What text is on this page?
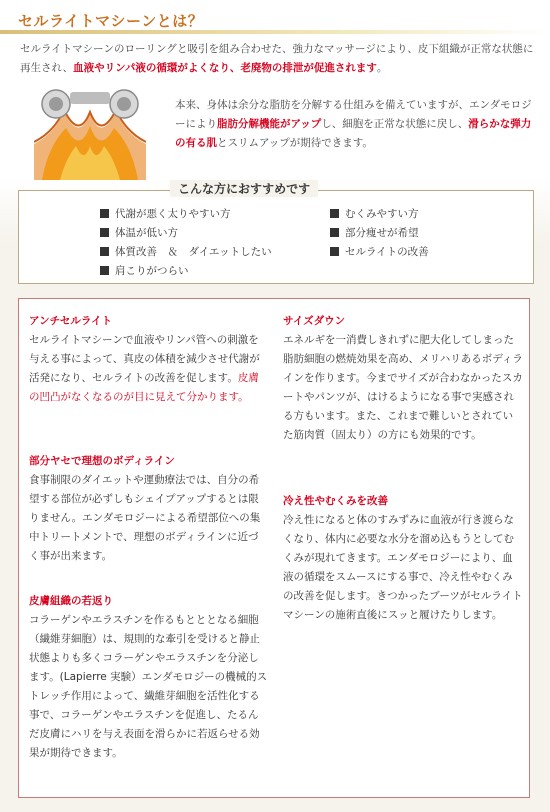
セルライトマシーンとは？
セルライトマシーンのローリングと吸引を組み合わせた、強力なマッサージにより、皮下組織が正常な状態に再生され、血液やリンパ液の循環がよくなり、老廃物の排泄が促進されます。
本来、身体は余分な脂肪を分解する仕組みを備えていますが、エンダモロジーにより脂肪分解機能がアップし、細胞を正常な状態に戻し、滑らかな弾力の有る肌とスリムアップが期待できます。
こんな方におすすめです
代謝が悪く太りやすい方
体温が低い方
体質改善　＆　ダイエットしたい
肩こりがつらい
むくみやすい方
部分痩せが希望
セルライトの改善
アンチセルライト
セルライトマシーンで血液やリンパ管への刺激を与える事によって、真皮の体積を減少させ代謝が活発になり、セルライトの改善を促します。皮膚の凹凸がなくなるのが目に見えて分かります。
部分ヤセで理想のボディライン
食事制限のダイエットや運動療法では、自分の希望する部位が必ずしもシェイプアップするとは限りません。エンダモロジーによる希望部位への集中トリートメントで、理想のボディラインに近づく事が出来ます。
皮膚組織の若返り
コラーゲンやエラスチンを作るもとととなる細胞（繊維芽細胞）は、規則的な牽引を受けると静止状態よりも多くコラーゲンやエラスチンを分泌します。(Lapierre 実験）エンダモロジーの機械的ストレッチ作用によって、繊維芽細胞を活性化する事で、コラーゲンやエラスチンを促進し、たるんだ皮膚にハリを与え表面を滑らかに若返らせる効果が期待できます。
サイズダウン
エネルギを一消費しきれずに肥大化してしまった脂肪細胞の燃焼効果を高め、メリハリあるボディラインを作ります。今までサイズが合わなかったスカートやパンツが、はけるようになる事で実感される方もいます。また、これまで難しいとされていた筋肉質（固太り）の方にも効果的です。
冷え性やむくみを改善
冷え性になると体のすみずみに血液が行き渡らなくなり、体内に必要な水分を溜め込もうとしてむくみが現れてきます。エンダモロジーにより、血液の循環をスムースにする事で、冷え性やむくみの改善を促します。きつかったブーツがセルライトマシーンの施術直後にスッと履けたりします。
